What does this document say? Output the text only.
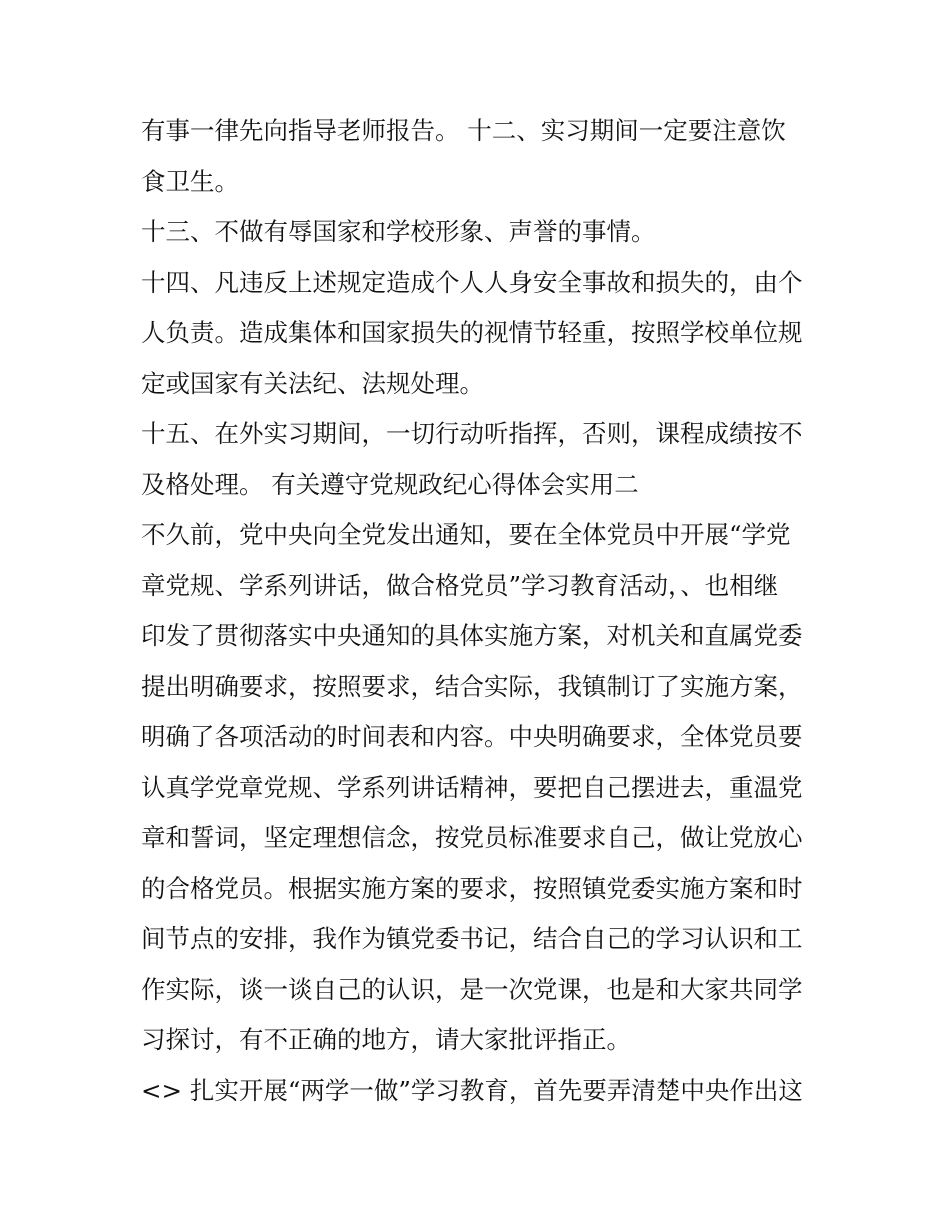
有事一律先向指导老师报告。 十二、实习期间一定要注意饮
食卫生。
十三、不做有辱国家和学校形象、声誉的事情。
十四、凡违反上述规定造成个人人身安全事故和损失的，由个
人负责。造成集体和国家损失的视情节轻重，按照学校单位规
定或国家有关法纪、法规处理。
十五、在外实习期间，一切行动听指挥，否则，课程成绩按不
及格处理。 有关遵守党规政纪心得体会实用二
不久前，党中央向全党发出通知，要在全体党员中开展“学党
章党规、学系列讲话，做合格党员”学习教育活动，、也相继
印发了贯彻落实中央通知的具体实施方案，对机关和直属党委
提出明确要求，按照要求，结合实际，我镇制订了实施方案，
明确了各项活动的时间表和内容。中央明确要求，全体党员要
认真学党章党规、学系列讲话精神，要把自己摆进去，重温党
章和誓词，坚定理想信念，按党员标准要求自己，做让党放心
的合格党员。根据实施方案的要求，按照镇党委实施方案和时
间节点的安排，我作为镇党委书记，结合自己的学习认识和工
作实际，谈一谈自己的认识，是一次党课，也是和大家共同学
习探讨，有不正确的地方，请大家批评指正。
<> 扎实开展“两学一做”学习教育，首先要弄清楚中央作出这
